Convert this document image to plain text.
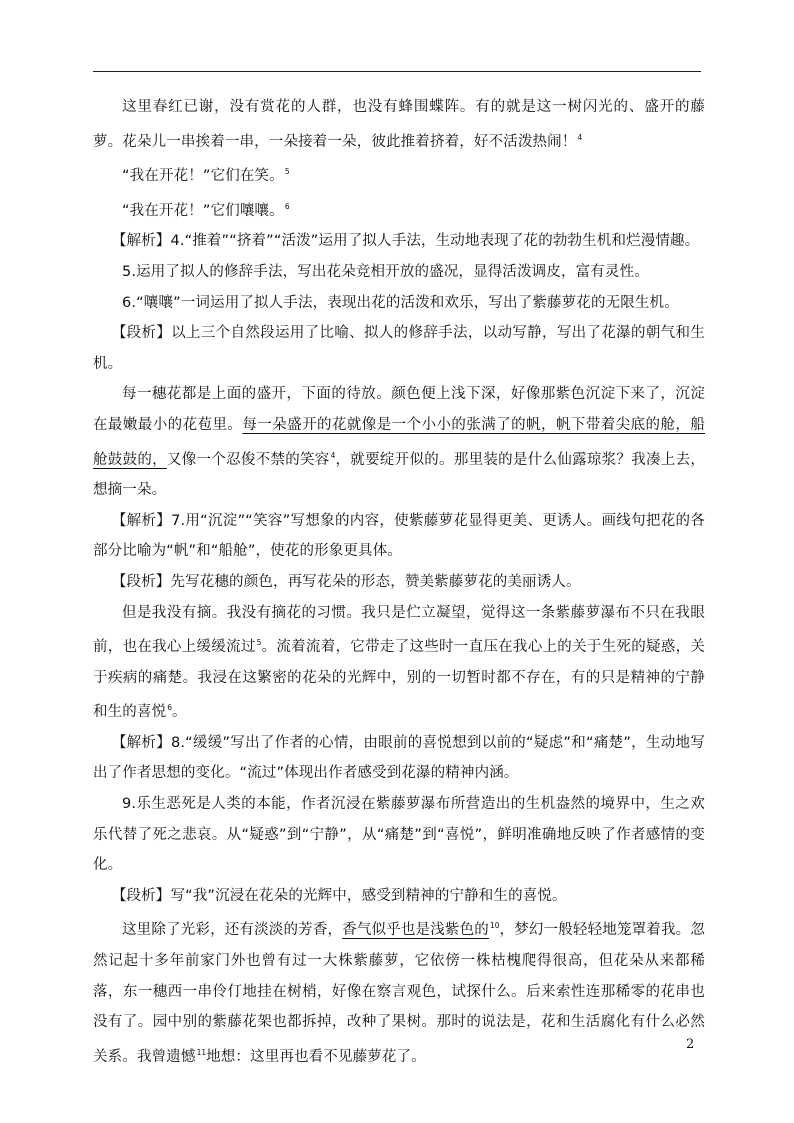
这里春红已谢，没有赏花的人群，也没有蜂围蝶阵。有的就是这一树闪光的、盛开的藤萝。花朵儿一串挨着一串，一朵接着一朵，彼此推着挤着，好不活泼热闹！$^4$

“我在开花！”它们在笑。$^5$

“我在开花！”它们嚷嚷。$^6$

【解析】4.“推着”“挤着”“活泼”运用了拟人手法，生动地表现了花的勃勃生机和烂漫情趣。

5.运用了拟人的修辞手法，写出花朵竞相开放的盛况，显得活泼调皮，富有灵性。

6.“嚷嚷”一词运用了拟人手法，表现出花的活泼和欢乐，写出了紫藤萝花的无限生机。

【段析】以上三个自然段运用了比喻、拟人的修辞手法，以动写静，写出了花瀑的朝气和生机。

每一穗花都是上面的盛开，下面的待放。颜色便上浅下深，好像那紫色沉淀下来了，沉淀在最嫩最小的花苞里。每一朵盛开的花就像是一个小小的张满了的帆，帆下带着尖底的舱，船舱鼓鼓的，又像一个忍俊不禁的笑容$^4$，就要绽开似的。那里装的是什么仙露琼浆？我凑上去，想摘一朵。

【解析】7.用“沉淀”“笑容”写想象的内容，使紫藤萝花显得更美、更诱人。画线句把花的各部分比喻为“帆”和“船舱”，使花的形象更具体。

【段析】先写花穗的颜色，再写花朵的形态，赞美紫藤萝花的美丽诱人。

但是我没有摘。我没有摘花的习惯。我只是伫立凝望，觉得这一条紫藤萝瀑布不只在我眼前，也在我心上缓缓流过$^5$。流着流着，它带走了这些时一直压在我心上的关于生死的疑惑，关于疾病的痛楚。我浸在这繁密的花朵的光辉中，别的一切暂时都不存在，有的只是精神的宁静和生的喜悦$^6$。

【解析】8.“缓缓”写出了作者的心情，由眼前的喜悦想到以前的“疑虑”和“痛楚”，生动地写出了作者思想的变化。“流过”体现出作者感受到花瀑的精神内涵。

9.乐生恶死是人类的本能，作者沉浸在紫藤萝瀑布所营造出的生机盎然的境界中，生之欢乐代替了死之悲哀。从“疑惑”到“宁静”，从“痛楚”到“喜悦”，鲜明准确地反映了作者感情的变化。

【段析】写“我”沉浸在花朵的光辉中，感受到精神的宁静和生的喜悦。

这里除了光彩，还有淡淡的芳香，香气似乎也是浅紫色的$^{10}$，梦幻一般轻轻地笼罩着我。忽然记起十多年前家门外也曾有过一大株紫藤萝，它依傍一株枯槐爬得很高，但花朵从来都稀落，东一穗西一串伶仃地挂在树梢，好像在察言观色，试探什么。后来索性连那稀零的花串也没有了。园中别的紫藤花架也都拆掉，改种了果树。那时的说法是，花和生活腐化有什么必然关系。我曾遗憾$^{11}$地想：这里再也看不见藤萝花了。

2
